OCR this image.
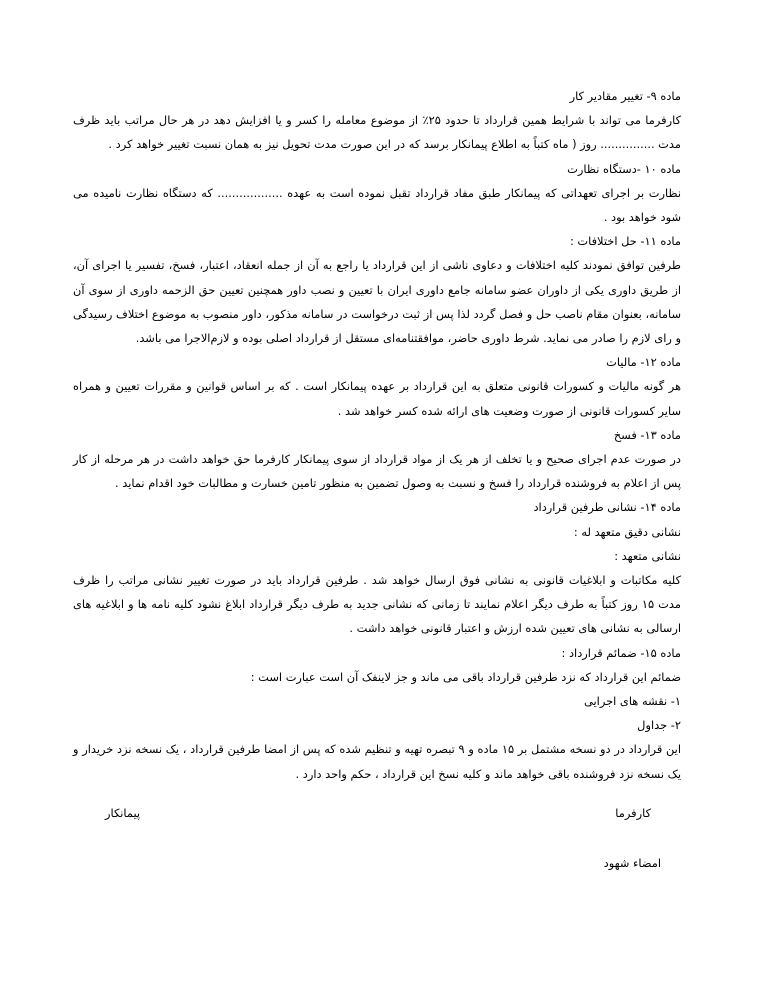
ماده ۹- تغییر مقادیر کار

کارفرما می تواند با شرایط همین قرارداد تا حدود ۲۵٪ از موضوع معامله را کسر و یا افزایش دهد در هر حال مراتب باید ظرف مدت ............... روز ( ماه کتباً به اطلاع پیمانکار برسد که در این صورت مدت تحویل نیز به همان نسبت تغییر خواهد کرد .

ماده ۱۰ -دستگاه نظارت

نظارت بر اجرای تعهداتی که پیمانکار طبق مفاد قرارداد تقبل نموده است به عهده .................. که دستگاه نظارت نامیده می شود خواهد بود .

ماده ۱۱- حل اختلافات :

طرفین توافق نمودند کلیه اختلافات و دعاوی ناشی از این قرارداد یا راجع به آن از جمله انعقاد، اعتبار، فسخ، تفسیر یا اجرای آن، از طریق داوری یکی از داوران عضو سامانه جامع داوری ایران با تعیین و نصب داور همچنین تعیین حق الزحمه داوری از سوی آن سامانه، بعنوان مقام ناصب حل و فصل گردد لذا پس از ثبت درخواست در سامانه مذکور، داور منصوب به موضوع اختلاف رسیدگی و رای لازم را صادر می نماید. شرط داوری حاضر، موافقتنامه‌ای مستقل از قرارداد اصلی بوده و لازم‌الاجرا می باشد.

ماده ۱۲- مالیات

هر گونه مالیات و کسورات قانونی متعلق به این قرارداد بر عهده پیمانکار است . که بر اساس قوانین و مقررات تعیین و همراه سایر کسورات قانونی از صورت وضعیت های ارائه شده کسر خواهد شد .

ماده ۱۳- فسخ

در صورت عدم اجرای صحیح و یا تخلف از هر یک از مواد قرارداد از سوی پیمانکار کارفرما حق خواهد داشت در هر مرحله از کار پس از اعلام به فروشنده قرارداد را فسخ و نسبت به وصول تضمین به منظور تامین خسارت و مطالبات خود اقدام نماید .

ماده ۱۴- نشانی طرفین قرارداد

نشانی دقیق متعهد له :

نشانی متعهد :

کلیه مکاتبات و ابلاغیات قانونی به نشانی فوق ارسال خواهد شد . طرفین قرارداد باید در صورت تغییر نشانی مراتب را ظرف مدت ۱۵ روز کتباً به طرف دیگر اعلام نمایند تا زمانی که نشانی جدید به طرف دیگر قرارداد ابلاغ نشود کلیه نامه ها و ابلاغیه های ارسالی به نشانی های تعیین شده ارزش و اعتبار قانونی خواهد داشت .

ماده ۱۵- ضمائم قرارداد :

ضمائم این قرارداد که نزد طرفین قرارداد باقی می ماند و جز لاینفک آن است عبارت است :

۱- نقشه های اجرایی

۲- جداول

این قرارداد در دو نسخه مشتمل بر ۱۵ ماده و ۹ تبصره تهیه و تنظیم شده که پس از امضا طرفین قرارداد ، یک نسخه نزد خریدار و یک نسخه نزد فروشنده باقی خواهد ماند و کلیه نسخ این قرارداد ، حکم واحد دارد .

کارفرما
پیمانکار
امضاء شهود
